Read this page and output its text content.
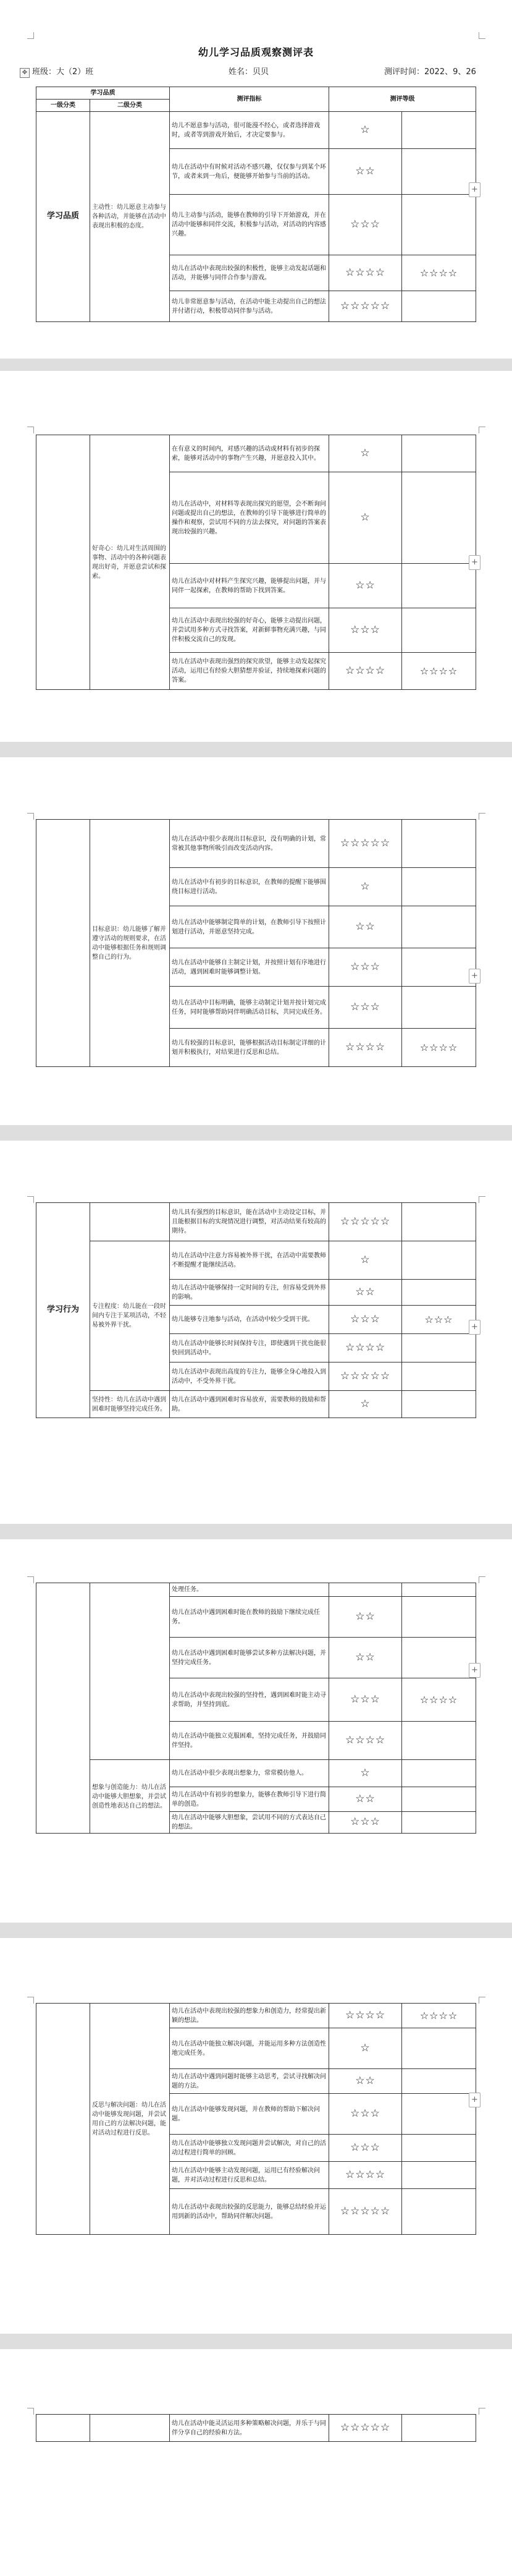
幼儿学习品质观察测评表
✥ 班级：大（2）班	姓名：贝贝	测评时间：2022、9、26
学习品质		测评指标	测评等级	
一级分类	二级分类			
学习品质	主动性：幼儿愿意主动参与各种活动，并能够在活动中表现出积极的态度。	幼儿不愿意参与活动，很可能漫不经心，或者选择游戏时，或者等到游戏开始后，才决定要参与。	☆	
		幼儿在活动中有时候对活动不感兴趣，仅仅参与到某个环节，或者来到一角后，便能够开始参与当前的活动。	☆☆	
		幼儿主动参与活动，能够在教师的引导下开始游戏，并在活动中能够和同伴交流，积极参与活动，对活动的内容感兴趣。	☆☆☆	
		幼儿在活动中表现出较强的积极性，能够主动发起话题和活动，并能够与同伴合作参与游戏。	☆☆☆☆	☆☆☆☆
		幼儿非常愿意参与活动，在活动中能主动提出自己的想法并付诸行动，积极带动同伴参与活动。	☆☆☆☆☆	
+
	好奇心：幼儿对生活周围的事物、活动中的各种问题表现出好奇，并愿意尝试和探索。	在有意义的时间内，对感兴趣的活动或材料有初步的探索，能够对活动中的事物产生兴趣，并愿意投入其中。	☆	
		幼儿在活动中，对材料等表现出探究的愿望，会不断询问问题或提出自己的想法，在教师的引导下能够进行简单的操作和观察，尝试用不同的方法去探究，对问题的答案表现出较强的兴趣。	☆	
		幼儿在活动中对材料产生探究兴趣，能够提出问题，并与同伴一起探索，在教师的帮助下找到答案。	☆☆	
		幼儿在活动中表现出较强的好奇心，能够主动提出问题，并尝试用多种方式寻找答案，对新鲜事物充满兴趣，与同伴积极交流自己的发现。	☆☆☆	
		幼儿在活动中表现出强烈的探究欲望，能够主动发起探究活动，运用已有经验大胆猜想并验证，持续地探索问题的答案。	☆☆☆☆	☆☆☆☆
+
	目标意识：幼儿能够了解并遵守活动的规则要求，在活动中能够根据任务和规则调整自己的行为。	幼儿在活动中很少表现出目标意识，没有明确的计划，常常被其他事物所吸引而改变活动内容。	☆☆☆☆☆	
		幼儿在活动中有初步的目标意识，在教师的提醒下能够围绕目标进行活动。	☆	
		幼儿在活动中能够制定简单的计划，在教师引导下按照计划进行活动，并愿意坚持完成。	☆☆	
		幼儿在活动中能够自主制定计划，并按照计划有序地进行活动，遇到困难时能够调整计划。	☆☆☆	
		幼儿在活动中目标明确，能够主动制定计划并按计划完成任务，同时能够帮助同伴明确活动目标，共同完成任务。	☆☆☆	
		幼儿有较强的目标意识，能够根据活动目标制定详细的计划并积极执行，对结果进行反思和总结。	☆☆☆☆	☆☆☆☆
+
学习行为		幼儿具有强烈的目标意识，能在活动中主动设定目标，并且能根据目标的实现情况进行调整，对活动结果有较高的期待。	☆☆☆☆☆	
	专注程度：幼儿能在一段时间内专注于某项活动，不轻易被外界干扰。	幼儿在活动中注意力容易被外界干扰，在活动中需要教师不断提醒才能继续活动。	☆	
		幼儿在活动中能够保持一定时间的专注，但容易受到外界的影响。	☆☆	
		幼儿能够专注地参与活动，在活动中较少受到干扰。	☆☆☆	☆☆☆
		幼儿在活动中能够长时间保持专注，即使遇到干扰也能很快回到活动中。	☆☆☆☆	
		幼儿在活动中表现出高度的专注力，能够全身心地投入到活动中，不受外界干扰。	☆☆☆☆☆	
	坚持性：幼儿在活动中遇到困难时能够坚持完成任务。	幼儿在活动中遇到困难时容易放弃，需要教师的鼓励和帮助。	☆	
+
		处理任务。		
		幼儿在活动中遇到困难时能在教师的鼓励下继续完成任务。	☆☆	
		幼儿在活动中遇到困难时能够尝试多种方法解决问题，并坚持完成任务。	☆☆	
		幼儿在活动中表现出较强的坚持性，遇到困难时能主动寻求帮助，并坚持到底。	☆☆☆	☆☆☆☆
		幼儿在活动中能独立克服困难，坚持完成任务，并鼓励同伴坚持。	☆☆☆☆	
	想象与创造能力：幼儿在活动中能够大胆想象，并尝试创造性地表达自己的想法。	幼儿在活动中很少表现出想象力，常常模仿他人。	☆	
		幼儿在活动中有初步的想象力，能够在教师引导下进行简单的创造。	☆☆	
		幼儿在活动中能够大胆想象，尝试用不同的方式表达自己的想法。	☆☆☆	
+
	反思与解决问题：幼儿在活动中能够发现问题，并尝试用自己的方法解决问题，能对活动过程进行反思。	幼儿在活动中表现出较强的想象力和创造力，经常提出新颖的想法。	☆☆☆☆	☆☆☆☆
		幼儿在活动中能独立解决问题，并能运用多种方法创造性地完成任务。	☆	
		幼儿在活动中遇到问题时能够主动思考，尝试寻找解决问题的方法。	☆☆	
		幼儿在活动中能够发现问题，并在教师的帮助下解决问题。	☆☆☆	
		幼儿在活动中能够独立发现问题并尝试解决，对自己的活动过程进行简单的回顾。	☆☆☆	
		幼儿在活动中能够主动发现问题，运用已有经验解决问题，并对活动过程进行反思和总结。	☆☆☆☆	
		幼儿在活动中表现出较强的反思能力，能够总结经验并运用到新的活动中，帮助同伴解决问题。	☆☆☆☆☆	
+
		幼儿在活动中能灵活运用多种策略解决问题，并乐于与同伴分享自己的经验和方法。	☆☆☆☆☆	
